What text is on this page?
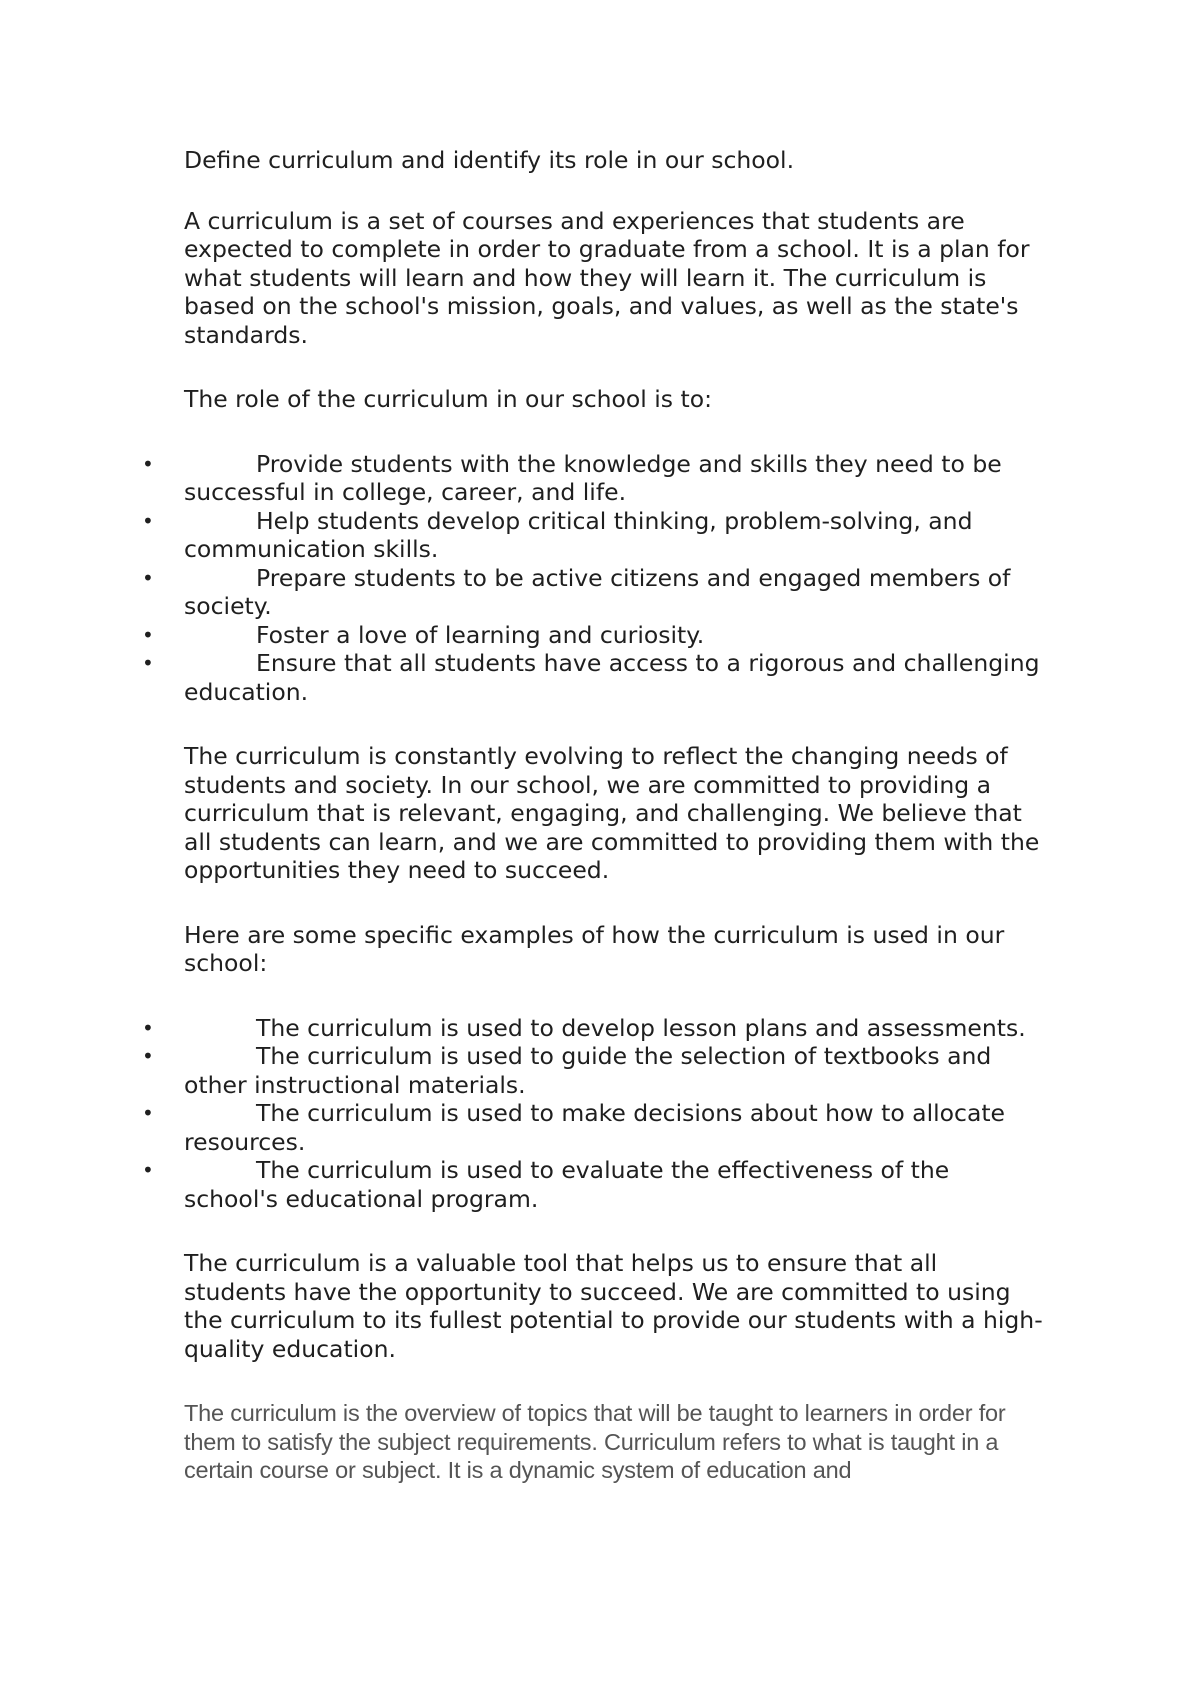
Define curriculum and identify its role in our school.

A curriculum is a set of courses and experiences that students are expected to complete in order to graduate from a school. It is a plan for what students will learn and how they will learn it. The curriculum is based on the school's mission, goals, and values, as well as the state's standards.

The role of the curriculum in our school is to:

•	Provide students with the knowledge and skills they need to be successful in college, career, and life.
•	Help students develop critical thinking, problem-solving, and communication skills.
•	Prepare students to be active citizens and engaged members of society.
•	Foster a love of learning and curiosity.
•	Ensure that all students have access to a rigorous and challenging education.

The curriculum is constantly evolving to reflect the changing needs of students and society. In our school, we are committed to providing a curriculum that is relevant, engaging, and challenging. We believe that all students can learn, and we are committed to providing them with the opportunities they need to succeed.

Here are some specific examples of how the curriculum is used in our school:

•	The curriculum is used to develop lesson plans and assessments.
•	The curriculum is used to guide the selection of textbooks and other instructional materials.
•	The curriculum is used to make decisions about how to allocate resources.
•	The curriculum is used to evaluate the effectiveness of the school's educational program.

The curriculum is a valuable tool that helps us to ensure that all students have the opportunity to succeed. We are committed to using the curriculum to its fullest potential to provide our students with a high-quality education.

The curriculum is the overview of topics that will be taught to learners in order for them to satisfy the subject requirements. Curriculum refers to what is taught in a certain course or subject. It is a dynamic system of education and
